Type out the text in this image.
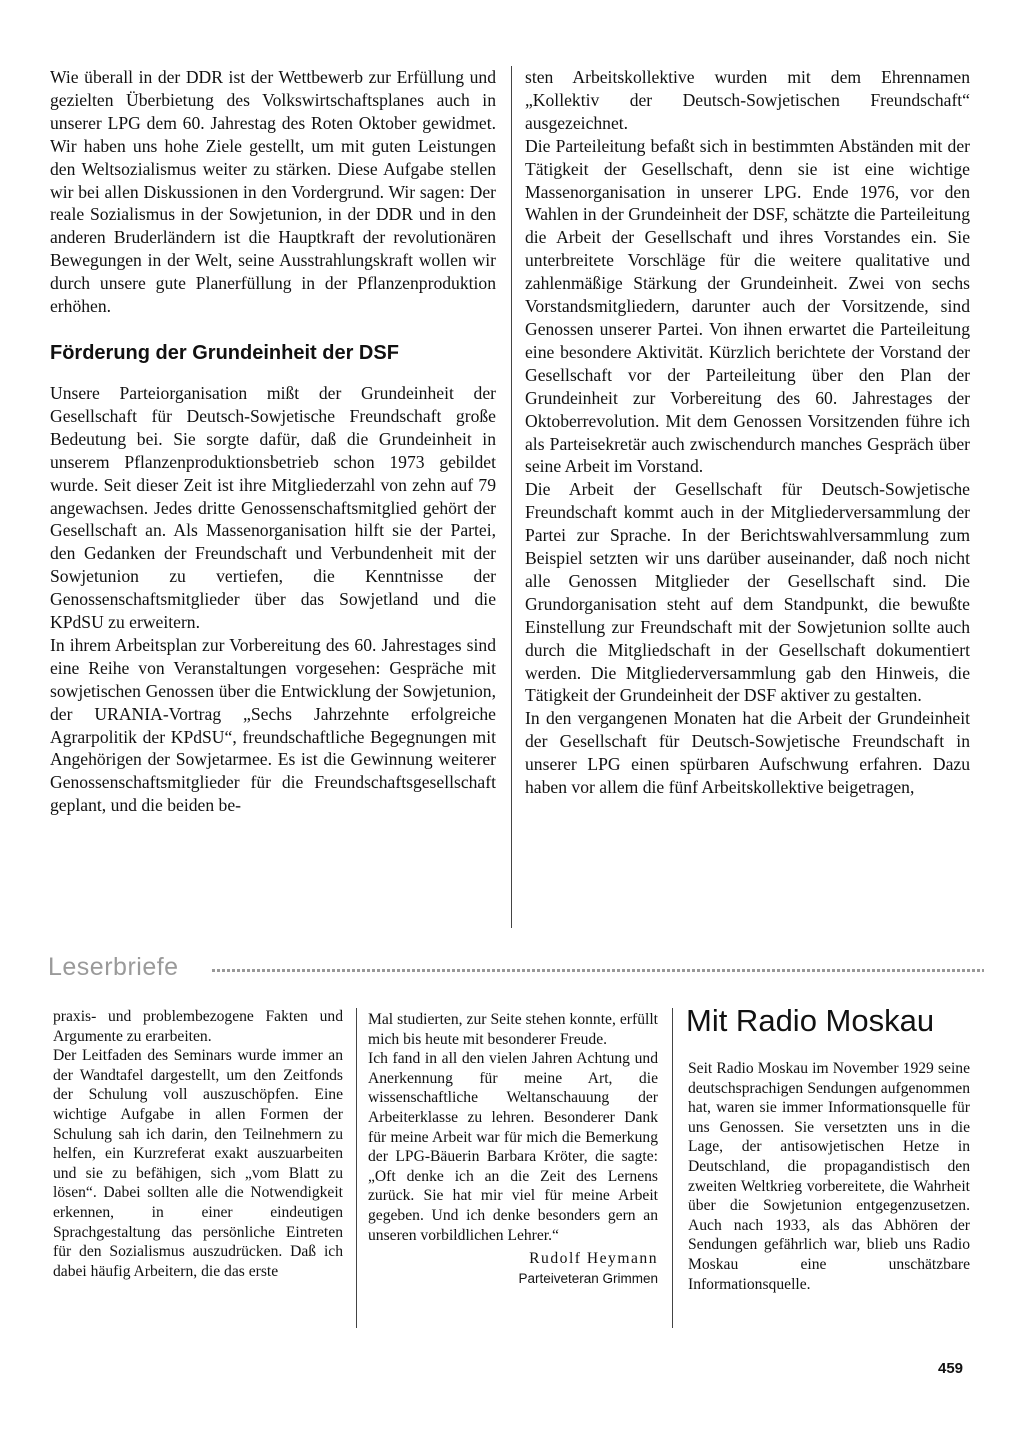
Wie überall in der DDR ist der Wettbewerb zur Erfüllung und gezielten Überbietung des Volkswirtschaftsplanes auch in unserer LPG dem 60. Jahrestag des Roten Oktober gewidmet. Wir haben uns hohe Ziele gestellt, um mit guten Leistungen den Weltsozialismus weiter zu stärken. Diese Aufgabe stellen wir bei allen Diskussionen in den Vordergrund. Wir sagen: Der reale Sozialismus in der Sowjetunion, in der DDR und in den anderen Bruderländern ist die Hauptkraft der revolutionären Bewegungen in der Welt, seine Ausstrahlungskraft wollen wir durch unsere gute Planerfüllung in der Pflanzenproduktion erhöhen.

Förderung der Grundeinheit der DSF

Unsere Parteiorganisation mißt der Grundeinheit der Gesellschaft für Deutsch-Sowjetische Freundschaft große Bedeutung bei. Sie sorgte dafür, daß die Grundeinheit in unserem Pflanzenproduktionsbetrieb schon 1973 gebildet wurde. Seit dieser Zeit ist ihre Mitgliederzahl von zehn auf 79 angewachsen. Jedes dritte Genossenschaftsmitglied gehört der Gesellschaft an. Als Massenorganisation hilft sie der Partei, den Gedanken der Freundschaft und Verbundenheit mit der Sowjetunion zu vertiefen, die Kenntnisse der Genossenschaftsmitglieder über das Sowjetland und die KPdSU zu erweitern.

In ihrem Arbeitsplan zur Vorbereitung des 60. Jahrestages sind eine Reihe von Veranstaltungen vorgesehen: Gespräche mit sowjetischen Genossen über die Entwicklung der Sowjetunion, der URANIA-Vortrag „Sechs Jahrzehnte erfolgreiche Agrarpolitik der KPdSU“, freundschaftliche Begegnungen mit Angehörigen der Sowjetarmee. Es ist die Gewinnung weiterer Genossenschaftsmitglieder für die Freundschaftsgesellschaft geplant, und die beiden be-

sten Arbeitskollektive wurden mit dem Ehrennamen „Kollektiv der Deutsch-Sowjetischen Freundschaft“ ausgezeichnet.

Die Parteileitung befaßt sich in bestimmten Abständen mit der Tätigkeit der Gesellschaft, denn sie ist eine wichtige Massenorganisation in unserer LPG. Ende 1976, vor den Wahlen in der Grundeinheit der DSF, schätzte die Parteileitung die Arbeit der Gesellschaft und ihres Vorstandes ein. Sie unterbreitete Vorschläge für die weitere qualitative und zahlenmäßige Stärkung der Grundeinheit. Zwei von sechs Vorstandsmitgliedern, darunter auch der Vorsitzende, sind Genossen unserer Partei. Von ihnen erwartet die Parteileitung eine besondere Aktivität. Kürzlich berichtete der Vorstand der Gesellschaft vor der Parteileitung über den Plan der Grundeinheit zur Vorbereitung des 60. Jahrestages der Oktoberrevolution. Mit dem Genossen Vorsitzenden führe ich als Parteisekretär auch zwischendurch manches Gespräch über seine Arbeit im Vorstand.

Die Arbeit der Gesellschaft für Deutsch-Sowjetische Freundschaft kommt auch in der Mitgliederversammlung der Partei zur Sprache. In der Berichtswahlversammlung zum Beispiel setzten wir uns darüber auseinander, daß noch nicht alle Genossen Mitglieder der Gesellschaft sind. Die Grundorganisation steht auf dem Standpunkt, die bewußte Einstellung zur Freundschaft mit der Sowjetunion sollte auch durch die Mitgliedschaft in der Gesellschaft dokumentiert werden. Die Mitgliederversammlung gab den Hinweis, die Tätigkeit der Grundeinheit der DSF aktiver zu gestalten.

In den vergangenen Monaten hat die Arbeit der Grundeinheit der Gesellschaft für Deutsch-Sowjetische Freundschaft in unserer LPG einen spürbaren Aufschwung erfahren. Dazu haben vor allem die fünf Arbeitskollektive beigetragen,

Leserbriefe

praxis- und problembezogene Fakten und Argumente zu erarbeiten.

Der Leitfaden des Seminars wurde immer an der Wandtafel dargestellt, um den Zeitfonds der Schulung voll auszuschöpfen. Eine wichtige Aufgabe in allen Formen der Schulung sah ich darin, den Teilnehmern zu helfen, ein Kurzreferat exakt auszuarbeiten und sie zu befähigen, sich „vom Blatt zu lösen“. Dabei sollten alle die Notwendigkeit erkennen, in einer eindeutigen Sprachgestaltung das persönliche Eintreten für den Sozialismus auszudrücken. Daß ich dabei häufig Arbeitern, die das erste

Mal studierten, zur Seite stehen konnte, erfüllt mich bis heute mit besonderer Freude.

Ich fand in all den vielen Jahren Achtung und Anerkennung für meine Art, die wissenschaftliche Weltanschauung der Arbeiterklasse zu lehren. Besonderer Dank für meine Arbeit war für mich die Bemerkung der LPG-Bäuerin Barbara Kröter, die sagte: „Oft denke ich an die Zeit des Lernens zurück. Sie hat mir viel für meine Arbeit gegeben. Und ich denke besonders gern an unseren vorbildlichen Lehrer.“

Rudolf Heymann
Parteiveteran Grimmen
Mit Radio Moskau

Seit Radio Moskau im November 1929 seine deutschsprachigen Sendungen aufgenommen hat, waren sie immer Informationsquelle für uns Genossen. Sie versetzten uns in die Lage, der antisowjetischen Hetze in Deutschland, die propagandistisch den zweiten Weltkrieg vorbereitete, die Wahrheit über die Sowjetunion entgegenzusetzen. Auch nach 1933, als das Abhören der Sendungen gefährlich war, blieb uns Radio Moskau eine unschätzbare Informationsquelle.

459
